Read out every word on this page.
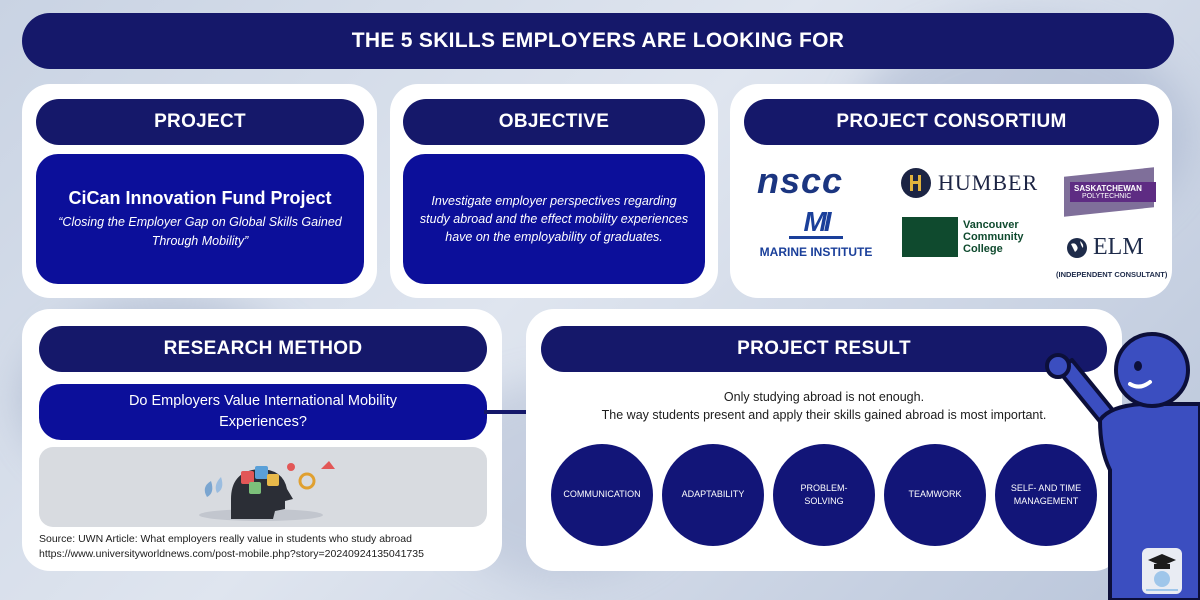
THE 5 SKILLS EMPLOYERS ARE LOOKING FOR
PROJECT
CiCan Innovation Fund Project
“Closing the Employer Gap on Global Skills Gained Through Mobility”
OBJECTIVE
Investigate employer perspectives regarding study abroad and the effect mobility experiences have on the employability of graduates.
PROJECT CONSORTIUM
nscc	HUMBER	SASKATCHEWAN
POLYTECHNIC
MI
MARINE INSTITUTE
Vancouver
Community
College	ELM
(INDEPENDENT CONSULTANT)
RESEARCH METHOD
Do Employers Value International Mobility Experiences?
Source: UWN Article: What employers really value in students who study abroad
https://www.universityworldnews.com/post-mobile.php?story=20240924135041735
PROJECT RESULT
Only studying abroad is not enough.
The way students present and apply their skills gained abroad is most important.
COMMUNICATION	ADAPTABILITY
PROBLEM-SOLVING
TEAMWORK
SELF- AND TIME MANAGEMENT
